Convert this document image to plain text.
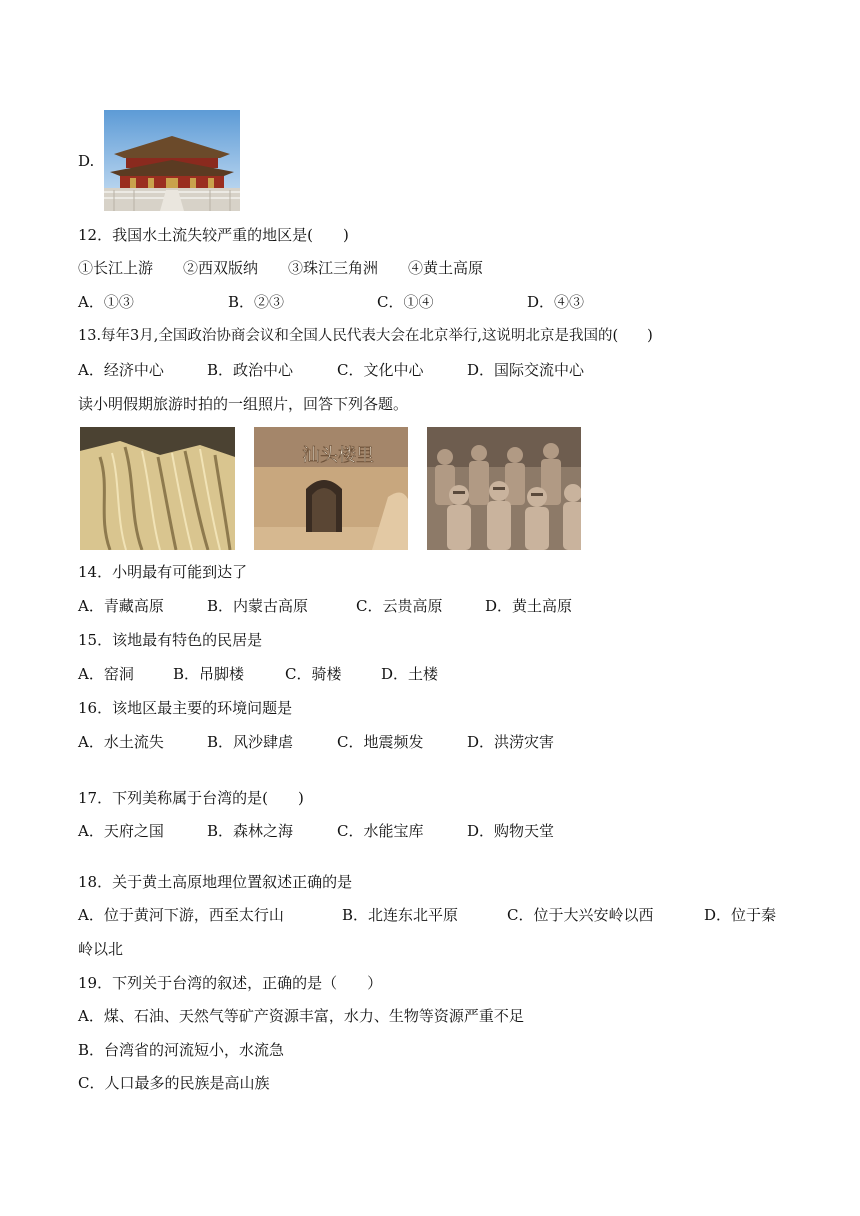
D.
12．我国水土流失较严重的地区是(　　)
①长江上游　　②西双版纳　　③珠江三角洲　　④黄土高原
A．①③	B．②③	C．①④	D．④③
13.每年3月,全国政治协商会议和全国人民代表大会在北京举行,这说明北京是我国的(　　)
A．经济中心	B．政治中心	C．文化中心	D．国际交流中心
读小明假期旅游时拍的一组照片，回答下列各题。
汕头楼里
14．小明最有可能到达了
A．青藏高原	B．内蒙古高原	C．云贵高原	D．黄土高原
15．该地最有特色的民居是
A．窑洞	B．吊脚楼	C．骑楼	D．土楼
16．该地区最主要的环境问题是
A．水土流失	B．风沙肆虐	C．地震频发	D．洪涝灾害
17．下列美称属于台湾的是(　　)
A．天府之国	B．森林之海	C．水能宝库	D．购物天堂
18．关于黄土高原地理位置叙述正确的是
A．位于黄河下游，西至太行山	B．北连东北平原	C．位于大兴安岭以西	D．位于秦
岭以北
19．下列关于台湾的叙述，正确的是（　　）
A．煤、石油、天然气等矿产资源丰富，水力、生物等资源严重不足
B．台湾省的河流短小，水流急
C．人口最多的民族是高山族
